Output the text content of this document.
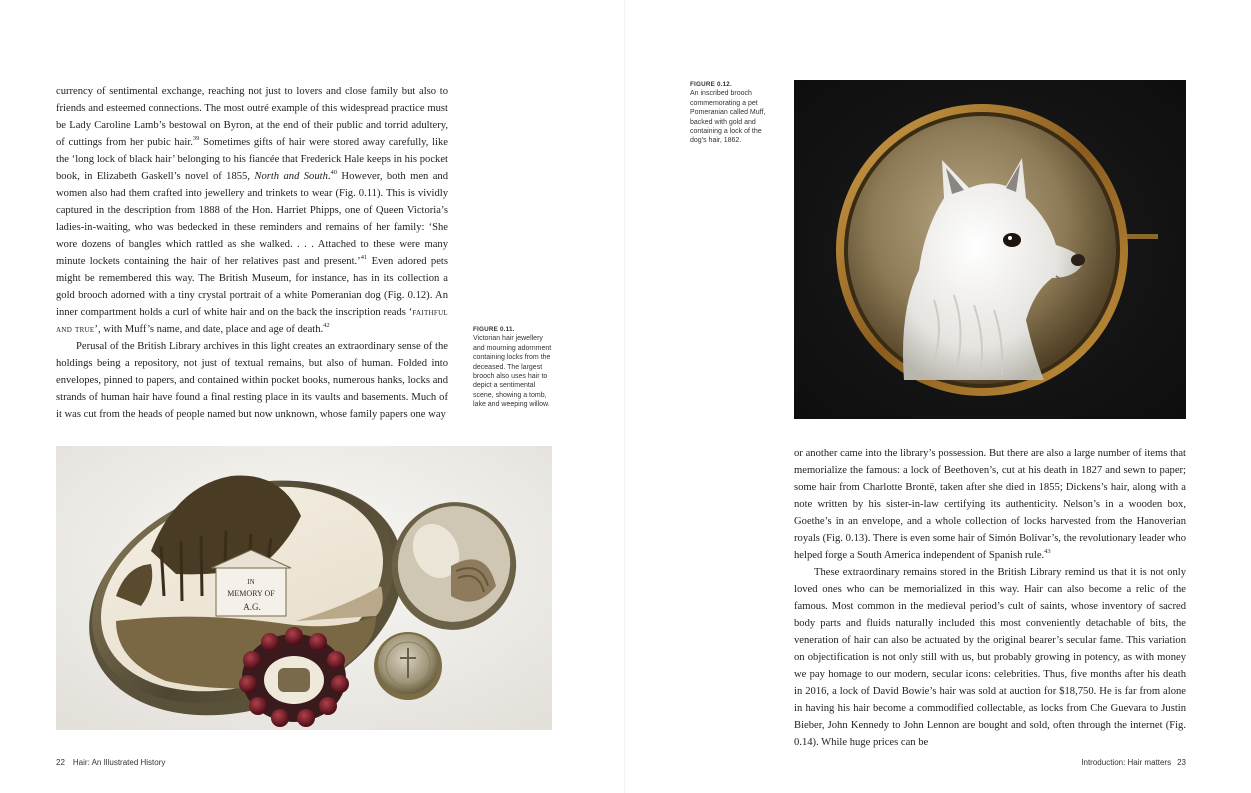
currency of sentimental exchange, reaching not just to lovers and close family but also to friends and esteemed connections. The most outré example of this widespread practice must be Lady Caroline Lamb’s bestowal on Byron, at the end of their public and torrid adultery, of cuttings from her pubic hair.$^{39}$ Sometimes gifts of hair were stored away carefully, like the ‘long lock of black hair’ belonging to his fiancée that Frederick Hale keeps in his pocket book, in Elizabeth Gaskell’s novel of 1855, North and South.$^{40}$ However, both men and women also had them crafted into jewellery and trinkets to wear (Fig. 0.11). This is vividly captured in the description from 1888 of the Hon. Harriet Phipps, one of Queen Victoria’s ladies-in-waiting, who was bedecked in these reminders and remains of her family: ‘She wore dozens of bangles which rattled as she walked. . . . Attached to these were many minute lockets containing the hair of her relatives past and present.’$^{41}$ Even adored pets might be remembered this way. The British Museum, for instance, has in its collection a gold brooch adorned with a tiny crystal portrait of a white Pomeranian dog (Fig. 0.12). An inner compartment holds a curl of white hair and on the back the inscription reads ‘faithful and true’, with Muff’s name, and date, place and age of death.$^{42}$

Perusal of the British Library archives in this light creates an extraordinary sense of the holdings being a repository, not just of textual remains, but also of human. Folded into envelopes, pinned to papers, and contained within pocket books, numerous hanks, locks and strands of human hair have found a final resting place in its vaults and basements. Much of it was cut from the heads of people named but now unknown, whose family papers one way

FIGURE 0.11.
Victorian hair jewellery and mourning adornment containing locks from the deceased. The largest brooch also uses hair to depict a sentimental scene, showing a tomb, lake and weeping willow.
IN
MEMORY OF
A.G.
22 Hair: An Illustrated History
FIGURE 0.12.
An inscribed brooch commemorating a pet Pomeranian called Muff, backed with gold and containing a lock of the dog’s hair, 1862.

or another came into the library’s possession. But there are also a large number of items that memorialize the famous: a lock of Beethoven’s, cut at his death in 1827 and sewn to paper; some hair from Charlotte Brontë, taken after she died in 1855; Dickens’s hair, along with a note written by his sister-in-law certifying its authenticity. Nelson’s in a wooden box, Goethe’s in an envelope, and a whole collection of locks harvested from the Hanoverian royals (Fig. 0.13). There is even some hair of Simón Bolívar’s, the revolutionary leader who helped forge a South America independent of Spanish rule.$^{43}$

These extraordinary remains stored in the British Library remind us that it is not only loved ones who can be memorialized in this way. Hair can also become a relic of the famous. Most common in the medieval period’s cult of saints, whose inventory of sacred body parts and fluids naturally included this most conveniently detachable of bits, the veneration of hair can also be actuated by the original bearer’s secular fame. This variation on objectification is not only still with us, but probably growing in potency, as with money we pay homage to our modern, secular icons: celebrities. Thus, five months after his death in 2016, a lock of David Bowie’s hair was sold at auction for $18,750. He is far from alone in having his hair become a commodified collectable, as locks from Che Guevara to Justin Bieber, John Kennedy to John Lennon are bought and sold, often through the internet (Fig. 0.14). While huge prices can be

Introduction: Hair matters 23
